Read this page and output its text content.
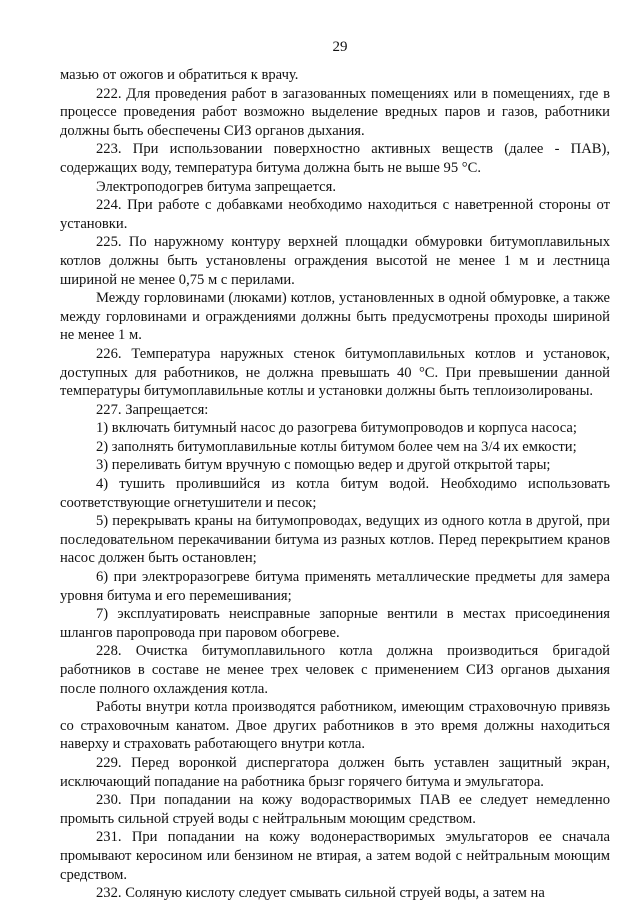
29

мазью от ожогов и обратиться к врачу.

222. Для проведения работ в загазованных помещениях или в помещениях, где в процессе проведения работ возможно выделение вредных паров и газов, работники должны быть обеспечены СИЗ органов дыхания.

223. При использовании поверхностно активных веществ (далее - ПАВ), содержащих воду, температура битума должна быть не выше 95 °С.

Электроподогрев битума запрещается.

224. При работе с добавками необходимо находиться с наветренной стороны от установки.

225. По наружному контуру верхней площадки обмуровки битумоплавильных котлов должны быть установлены ограждения высотой не менее 1 м и лестница шириной не менее 0,75 м с перилами.

Между горловинами (люками) котлов, установленных в одной обмуровке, а также между горловинами и ограждениями должны быть предусмотрены проходы шириной не менее 1 м.

226. Температура наружных стенок битумоплавильных котлов и установок, доступных для работников, не должна превышать 40 °С. При превышении данной температуры битумоплавильные котлы и установки должны быть теплоизолированы.

227. Запрещается:

1) включать битумный насос до разогрева битумопроводов и корпуса насоса;

2) заполнять битумоплавильные котлы битумом более чем на 3/4 их емкости;

3) переливать битум вручную с помощью ведер и другой открытой тары;

4) тушить пролившийся из котла битум водой. Необходимо использовать соответствующие огнетушители и песок;

5) перекрывать краны на битумопроводах, ведущих из одного котла в другой, при последовательном перекачивании битума из разных котлов. Перед перекрытием кранов насос должен быть остановлен;

6) при электроразогреве битума применять металлические предметы для замера уровня битума и его перемешивания;

7) эксплуатировать неисправные запорные вентили в местах присоединения шлангов паропровода при паровом обогреве.

228. Очистка битумоплавильного котла должна производиться бригадой работников в составе не менее трех человек с применением СИЗ органов дыхания после полного охлаждения котла.

Работы внутри котла производятся работником, имеющим страховочную привязь со страховочным канатом. Двое других работников в это время должны находиться наверху и страховать работающего внутри котла.

229. Перед воронкой диспергатора должен быть уставлен защитный экран, исключающий попадание на работника брызг горячего битума и эмульгатора.

230. При попадании на кожу водорастворимых ПАВ ее следует немедленно промыть сильной струей воды с нейтральным моющим средством.

231. При попадании на кожу водонерастворимых эмульгаторов ее сначала промывают керосином или бензином не втирая, а затем водой с нейтральным моющим средством.

232. Соляную кислоту следует смывать сильной струей воды, а затем на
